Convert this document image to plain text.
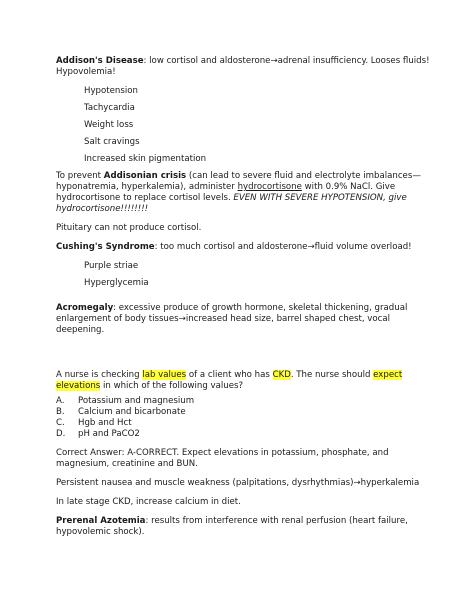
Addison's Disease: low cortisol and aldosterone→adrenal insufficiency. Looses fluids! Hypovolemia!

Hypotension

Tachycardia

Weight loss

Salt cravings

Increased skin pigmentation

To prevent Addisonian crisis (can lead to severe fluid and electrolyte imbalances—hyponatremia, hyperkalemia), administer hydrocortisone with 0.9% NaCl. Give hydrocortisone to replace cortisol levels. EVEN WITH SEVERE HYPOTENSION, give hydrocortisone!!!!!!!!

Pituitary can not produce cortisol.

Cushing's Syndrome: too much cortisol and aldosterone→fluid volume overload!

Purple striae

Hyperglycemia

Acromegaly: excessive produce of growth hormone, skeletal thickening, gradual enlargement of body tissues→increased head size, barrel shaped chest, vocal deepening.

A nurse is checking lab values of a client who has CKD. The nurse should expect elevations in which of the following values?

A.	Potassium and magnesium
B.	Calcium and bicarbonate
C.	Hgb and Hct
D.	pH and PaCO2

Correct Answer: A-CORRECT. Expect elevations in potassium, phosphate, and magnesium, creatinine and BUN.

Persistent nausea and muscle weakness (palpitations, dysrhythmias)→hyperkalemia

In late stage CKD, increase calcium in diet.

Prerenal Azotemia: results from interference with renal perfusion (heart failure, hypovolemic shock).
